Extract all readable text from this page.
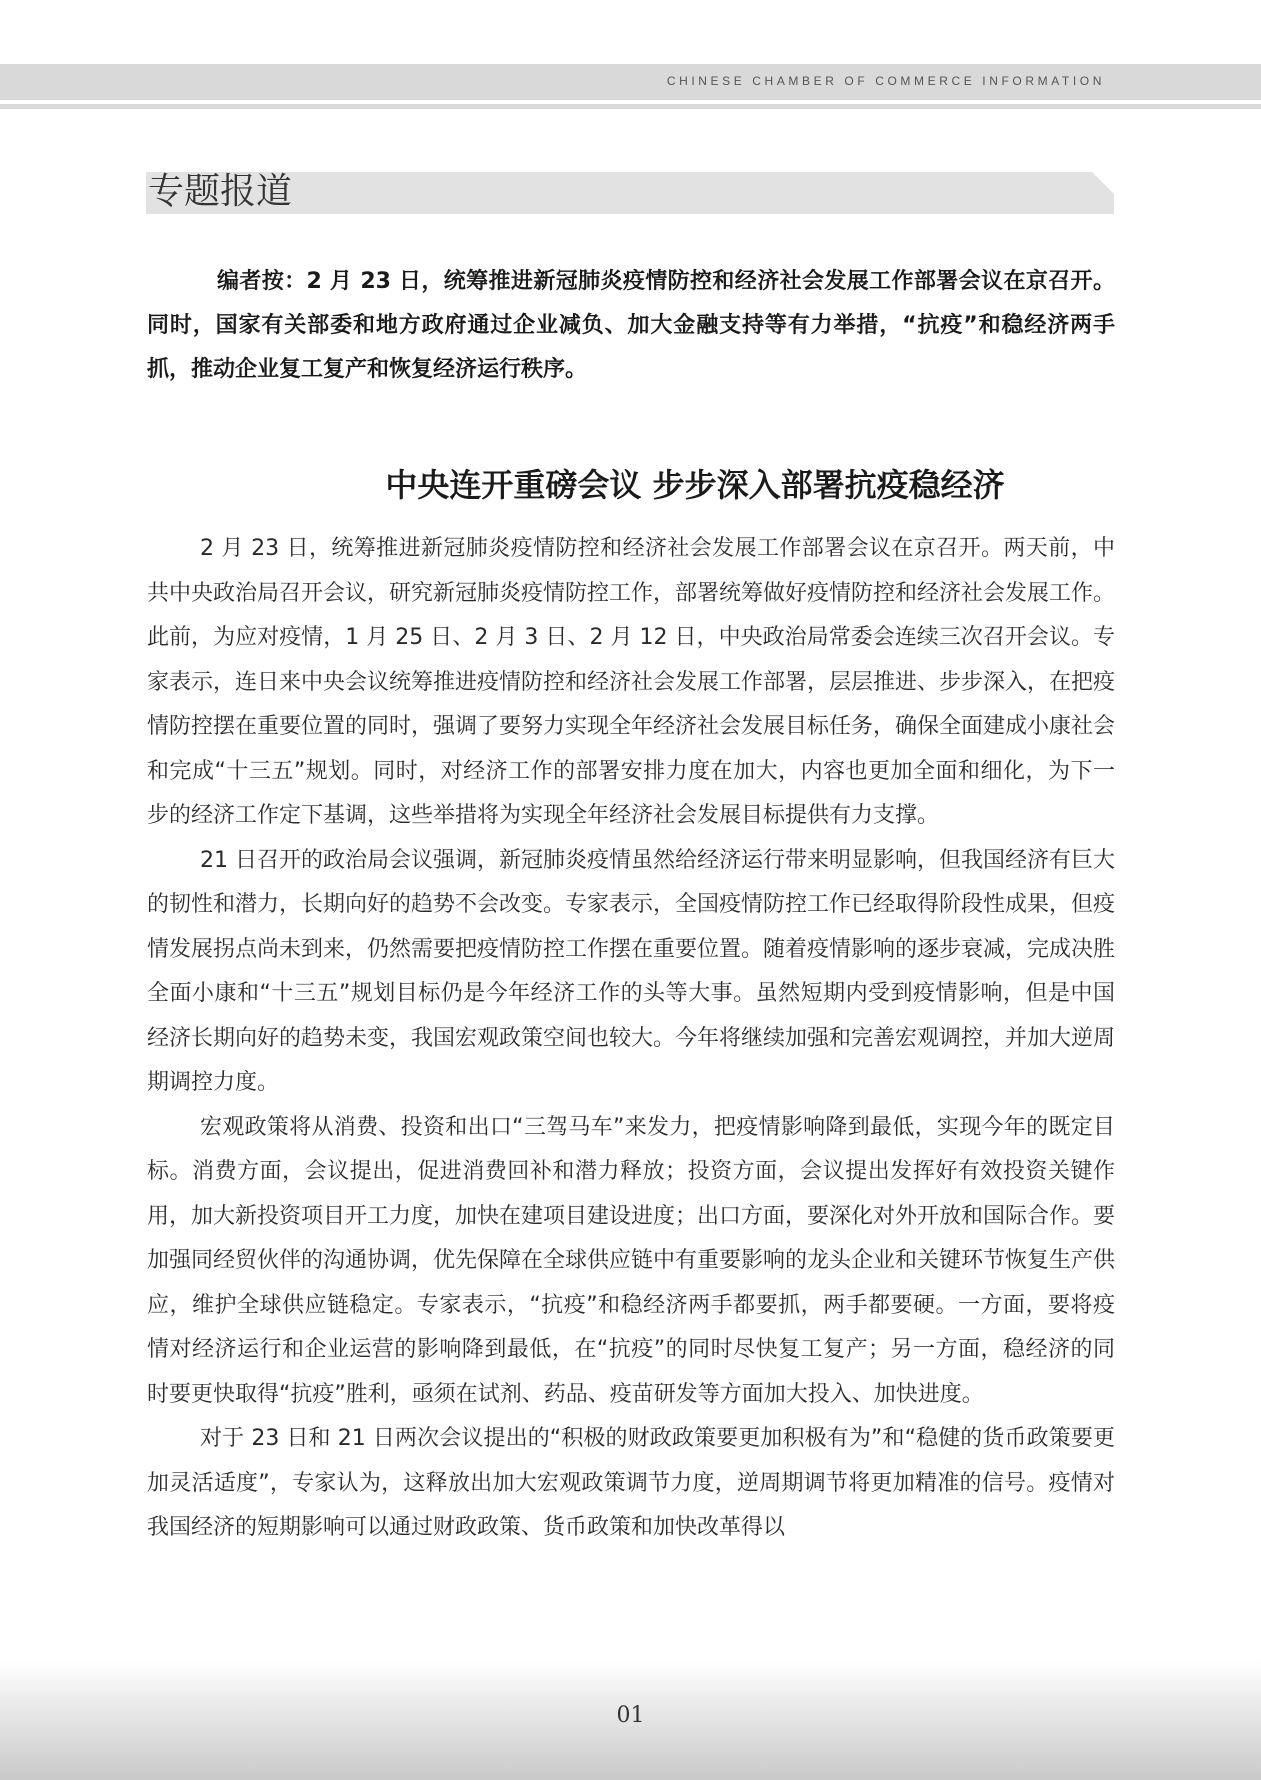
CHINESE CHAMBER OF COMMERCE INFORMATION
专题报道

编者按：2 月 23 日，统筹推进新冠肺炎疫情防控和经济社会发展工作部署会议在京召开。同时，国家有关部委和地方政府通过企业减负、加大金融支持等有力举措，“抗疫”和稳经济两手抓，推动企业复工复产和恢复经济运行秩序。

中央连开重磅会议 步步深入部署抗疫稳经济

2 月 23 日，统筹推进新冠肺炎疫情防控和经济社会发展工作部署会议在京召开。两天前，中共中央政治局召开会议，研究新冠肺炎疫情防控工作，部署统筹做好疫情防控和经济社会发展工作。此前，为应对疫情，1 月 25 日、2 月 3 日、2 月 12 日，中央政治局常委会连续三次召开会议。专家表示，连日来中央会议统筹推进疫情防控和经济社会发展工作部署，层层推进、步步深入，在把疫情防控摆在重要位置的同时，强调了要努力实现全年经济社会发展目标任务，确保全面建成小康社会和完成“十三五”规划。同时，对经济工作的部署安排力度在加大，内容也更加全面和细化，为下一步的经济工作定下基调，这些举措将为实现全年经济社会发展目标提供有力支撑。

21 日召开的政治局会议强调，新冠肺炎疫情虽然给经济运行带来明显影响，但我国经济有巨大的韧性和潜力，长期向好的趋势不会改变。专家表示，全国疫情防控工作已经取得阶段性成果，但疫情发展拐点尚未到来，仍然需要把疫情防控工作摆在重要位置。随着疫情影响的逐步衰减，完成决胜全面小康和“十三五”规划目标仍是今年经济工作的头等大事。虽然短期内受到疫情影响，但是中国经济长期向好的趋势未变，我国宏观政策空间也较大。今年将继续加强和完善宏观调控，并加大逆周期调控力度。

宏观政策将从消费、投资和出口“三驾马车”来发力，把疫情影响降到最低，实现今年的既定目标。消费方面，会议提出，促进消费回补和潜力释放；投资方面，会议提出发挥好有效投资关键作用，加大新投资项目开工力度，加快在建项目建设进度；出口方面，要深化对外开放和国际合作。要加强同经贸伙伴的沟通协调，优先保障在全球供应链中有重要影响的龙头企业和关键环节恢复生产供应，维护全球供应链稳定。专家表示，“抗疫”和稳经济两手都要抓，两手都要硬。一方面，要将疫情对经济运行和企业运营的影响降到最低，在“抗疫”的同时尽快复工复产；另一方面，稳经济的同时要更快取得“抗疫”胜利，亟须在试剂、药品、疫苗研发等方面加大投入、加快进度。

对于 23 日和 21 日两次会议提出的“积极的财政政策要更加积极有为”和“稳健的货币政策要更加灵活适度”，专家认为，这释放出加大宏观政策调节力度，逆周期调节将更加精准的信号。疫情对我国经济的短期影响可以通过财政政策、货币政策和加快改革得以

01
